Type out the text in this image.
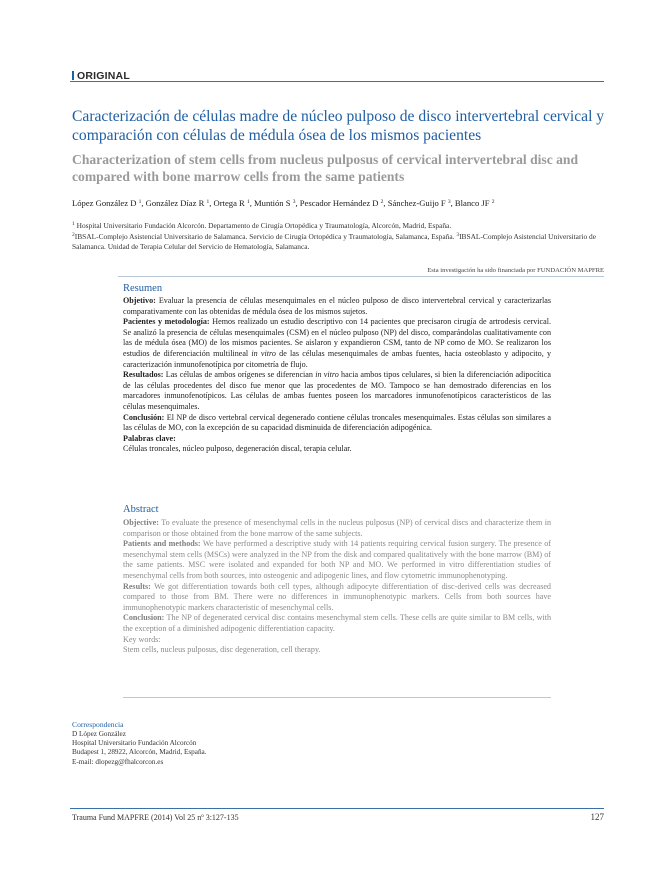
ORIGINAL
Caracterización de células madre de núcleo pulposo de disco intervertebral cervical y comparación con células de médula ósea de los mismos pacientes
Characterization of stem cells from nucleus pulposus of cervical intervertebral disc and compared with bone marrow cells from the same patients
López González D $^1$, González Díaz R $^1$, Ortega R $^1$, Muntión S $^3$, Pescador Hernández D $^2$, Sánchez-Guijo F $^3$, Blanco JF $^2$
$^1$ Hospital Universitario Fundación Alcorcón. Departamento de Cirugía Ortopédica y Traumatología, Alcorcón, Madrid, España.
$^2$IBSAL-Complejo Asistencial Universitario de Salamanca. Servicio de Cirugía Ortopédica y Traumatología, Salamanca, España. $^3$IBSAL-Complejo Asistencial Universitario de Salamanca. Unidad de Terapia Celular del Servicio de Hematología, Salamanca.
Esta investigación ha sido financiada por FUNDACIÓN MAPFRE
Resumen

Objetivo: Evaluar la presencia de células mesenquimales en el núcleo pulposo de disco intervertebral cervical y caracterizarlas comparativamente con las obtenidas de médula ósea de los mismos sujetos.

Pacientes y metodología: Hemos realizado un estudio descriptivo con 14 pacientes que precisaron cirugía de artrodesis cervical. Se analizó la presencia de células mesenquimales (CSM) en el núcleo pulposo (NP) del disco, comparándolas cualitativamente con las de médula ósea (MO) de los mismos pacientes. Se aislaron y expandieron CSM, tanto de NP como de MO. Se realizaron los estudios de diferenciación multilineal in vitro de las células mesenquimales de ambas fuentes, hacia osteoblasto y adipocito, y caracterización inmunofenotípica por citometría de flujo.

Resultados: Las células de ambos orígenes se diferencian in vitro hacia ambos tipos celulares, si bien la diferenciación adipocítica de las células procedentes del disco fue menor que las procedentes de MO. Tampoco se han demostrado diferencias en los marcadores inmunofenotípicos. Las células de ambas fuentes poseen los marcadores inmunofenotípicos característicos de las células mesenquimales.

Conclusión: El NP de disco vertebral cervical degenerado contiene células troncales mesenquimales. Estas células son similares a las células de MO, con la excepción de su capacidad disminuida de diferenciación adipogénica.

Palabras clave:

Células troncales, núcleo pulposo, degeneración discal, terapia celular.

Abstract

Objective: To evaluate the presence of mesenchymal cells in the nucleus pulposus (NP) of cervical discs and characterize them in comparison or those obtained from the bone marrow of the same subjects.

Patients and methods: We have performed a descriptive study with 14 patients requiring cervical fusion surgery. The presence of mesenchymal stem cells (MSCs) were analyzed in the NP from the disk and compared qualitatively with the bone marrow (BM) of the same patients. MSC were isolated and expanded for both NP and MO. We performed in vitro differentiation studies of mesenchymal cells from both sources, into osteogenic and adipogenic lines, and flow cytometric immunophenotyping.

Results: We got differentiation towards both cell types, although adipocyte differentiation of disc-derived cells was decreased compared to those from BM. There were no differences in immunophenotypic markers. Cells from both sources have immunophenotypic markers characteristic of mesenchymal cells.

Conclusion: The NP of degenerated cervical disc contains mesenchymal stem cells. These cells are quite similar to BM cells, with the exception of a diminished adipogenic differentiation capacity.

Key words:

Stem cells, nucleus pulposus, disc degeneration, cell therapy.

Correspondencia
D López González
Hospital Universitario Fundación Alcorcón
Budapest 1, 28922, Alcorcón, Madrid, España.
E-mail: dlopezg@fhalcorcon.es
Trauma Fund MAPFRE (2014) Vol 25 nº 3:127-135	127
